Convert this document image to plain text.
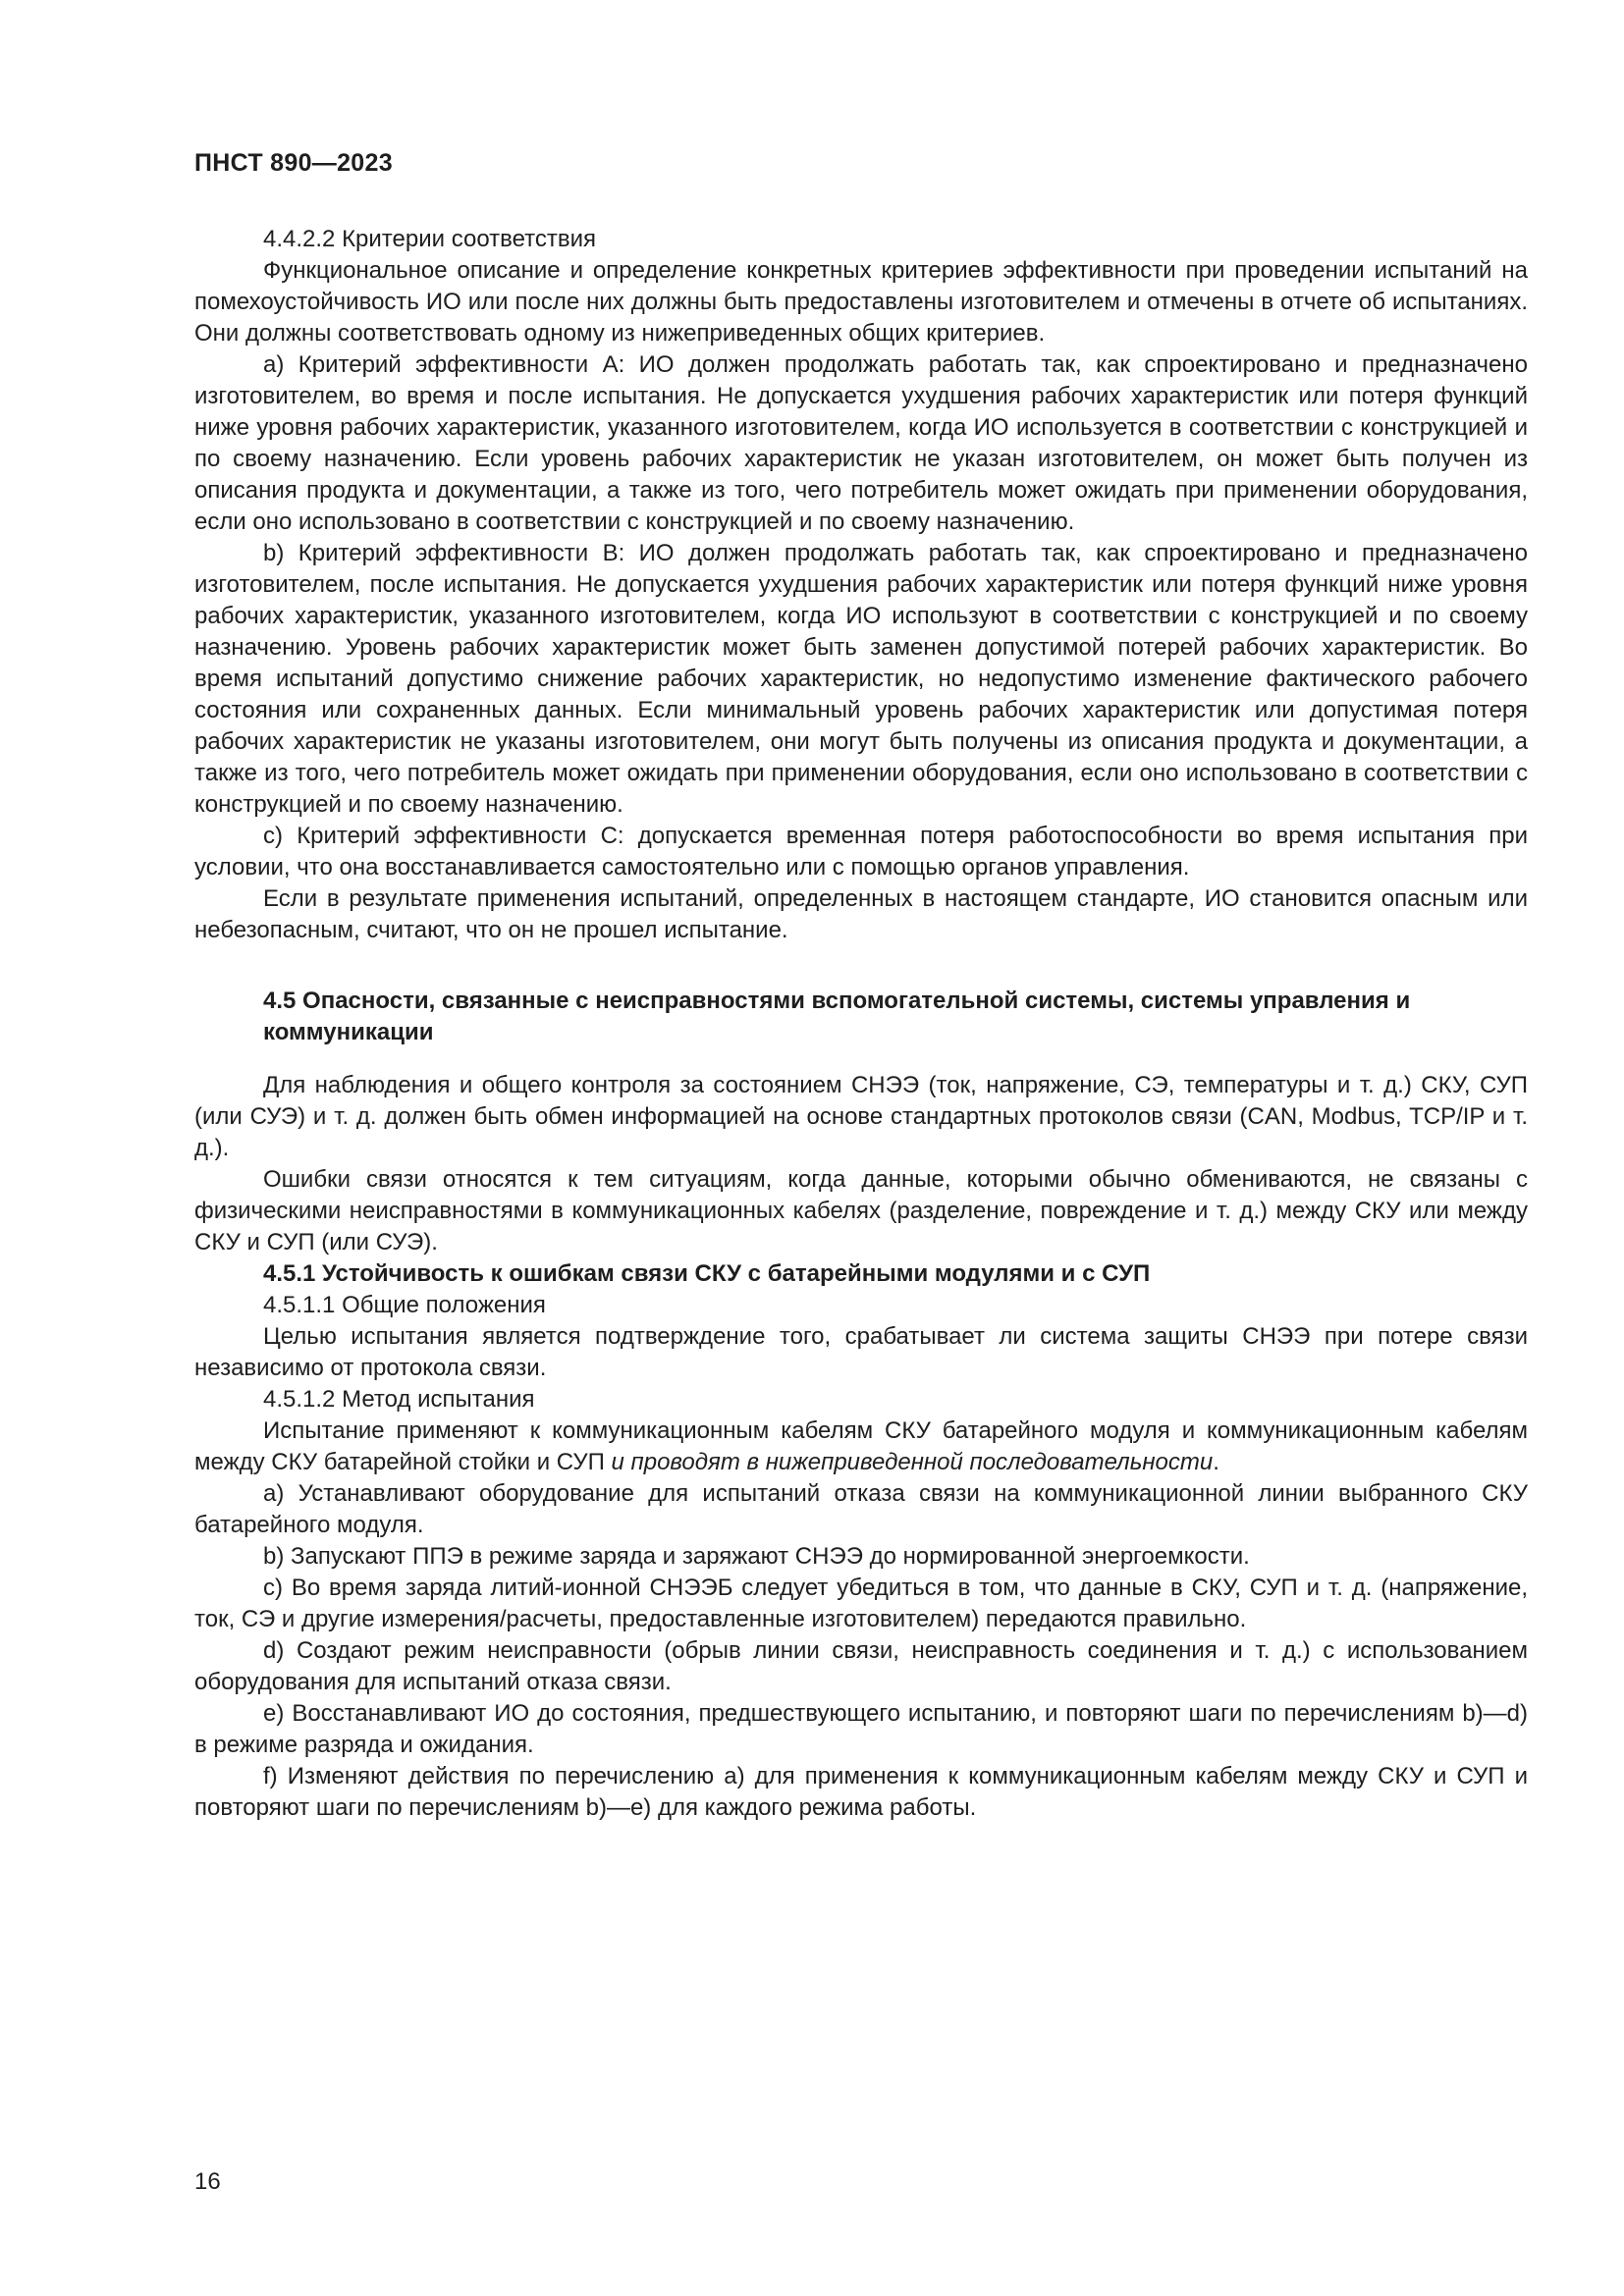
ПНСТ 890—2023

4.4.2.2 Критерии соответствия

Функциональное описание и определение конкретных критериев эффективности при проведении испытаний на помехоустойчивость ИО или после них должны быть предоставлены изготовителем и отмечены в отчете об испытаниях. Они должны соответствовать одному из нижеприведенных общих критериев.

а) Критерий эффективности А: ИО должен продолжать работать так, как спроектировано и предназначено изготовителем, во время и после испытания. Не допускается ухудшения рабочих характеристик или потеря функций ниже уровня рабочих характеристик, указанного изготовителем, когда ИО используется в соответствии с конструкцией и по своему назначению. Если уровень рабочих характеристик не указан изготовителем, он может быть получен из описания продукта и документации, а также из того, чего потребитель может ожидать при применении оборудования, если оно использовано в соответствии с конструкцией и по своему назначению.

b) Критерий эффективности В: ИО должен продолжать работать так, как спроектировано и предназначено изготовителем, после испытания. Не допускается ухудшения рабочих характеристик или потеря функций ниже уровня рабочих характеристик, указанного изготовителем, когда ИО используют в соответствии с конструкцией и по своему назначению. Уровень рабочих характеристик может быть заменен допустимой потерей рабочих характеристик. Во время испытаний допустимо снижение рабочих характеристик, но недопустимо изменение фактического рабочего состояния или сохраненных данных. Если минимальный уровень рабочих характеристик или допустимая потеря рабочих характеристик не указаны изготовителем, они могут быть получены из описания продукта и документации, а также из того, чего потребитель может ожидать при применении оборудования, если оно использовано в соответствии с конструкцией и по своему назначению.

с) Критерий эффективности С: допускается временная потеря работоспособности во время испытания при условии, что она восстанавливается самостоятельно или с помощью органов управления.

Если в результате применения испытаний, определенных в настоящем стандарте, ИО становится опасным или небезопасным, считают, что он не прошел испытание.

4.5 Опасности, связанные с неисправностями вспомогательной системы, системы управления и коммуникации

Для наблюдения и общего контроля за состоянием СНЭЭ (ток, напряжение, СЭ, температуры и т. д.) СКУ, СУП (или СУЭ) и т. д. должен быть обмен информацией на основе стандартных протоколов связи (CAN, Modbus, TCP/IP и т. д.).

Ошибки связи относятся к тем ситуациям, когда данные, которыми обычно обмениваются, не связаны с физическими неисправностями в коммуникационных кабелях (разделение, повреждение и т. д.) между СКУ или между СКУ и СУП (или СУЭ).

4.5.1 Устойчивость к ошибкам связи СКУ с батарейными модулями и с СУП

4.5.1.1 Общие положения

Целью испытания является подтверждение того, срабатывает ли система защиты СНЭЭ при потере связи независимо от протокола связи.

4.5.1.2 Метод испытания

Испытание применяют к коммуникационным кабелям СКУ батарейного модуля и коммуникационным кабелям между СКУ батарейной стойки и СУП и проводят в нижеприведенной последовательности.

а) Устанавливают оборудование для испытаний отказа связи на коммуникационной линии выбранного СКУ батарейного модуля.

b) Запускают ППЭ в режиме заряда и заряжают СНЭЭ до нормированной энергоемкости.

c) Во время заряда литий-ионной СНЭЭБ следует убедиться в том, что данные в СКУ, СУП и т. д. (напряжение, ток, СЭ и другие измерения/расчеты, предоставленные изготовителем) передаются правильно.

d) Создают режим неисправности (обрыв линии связи, неисправность соединения и т. д.) с использованием оборудования для испытаний отказа связи.

e) Восстанавливают ИО до состояния, предшествующего испытанию, и повторяют шаги по перечислениям b)—d) в режиме разряда и ожидания.

f) Изменяют действия по перечислению а) для применения к коммуникационным кабелям между СКУ и СУП и повторяют шаги по перечислениям b)—e) для каждого режима работы.

16
